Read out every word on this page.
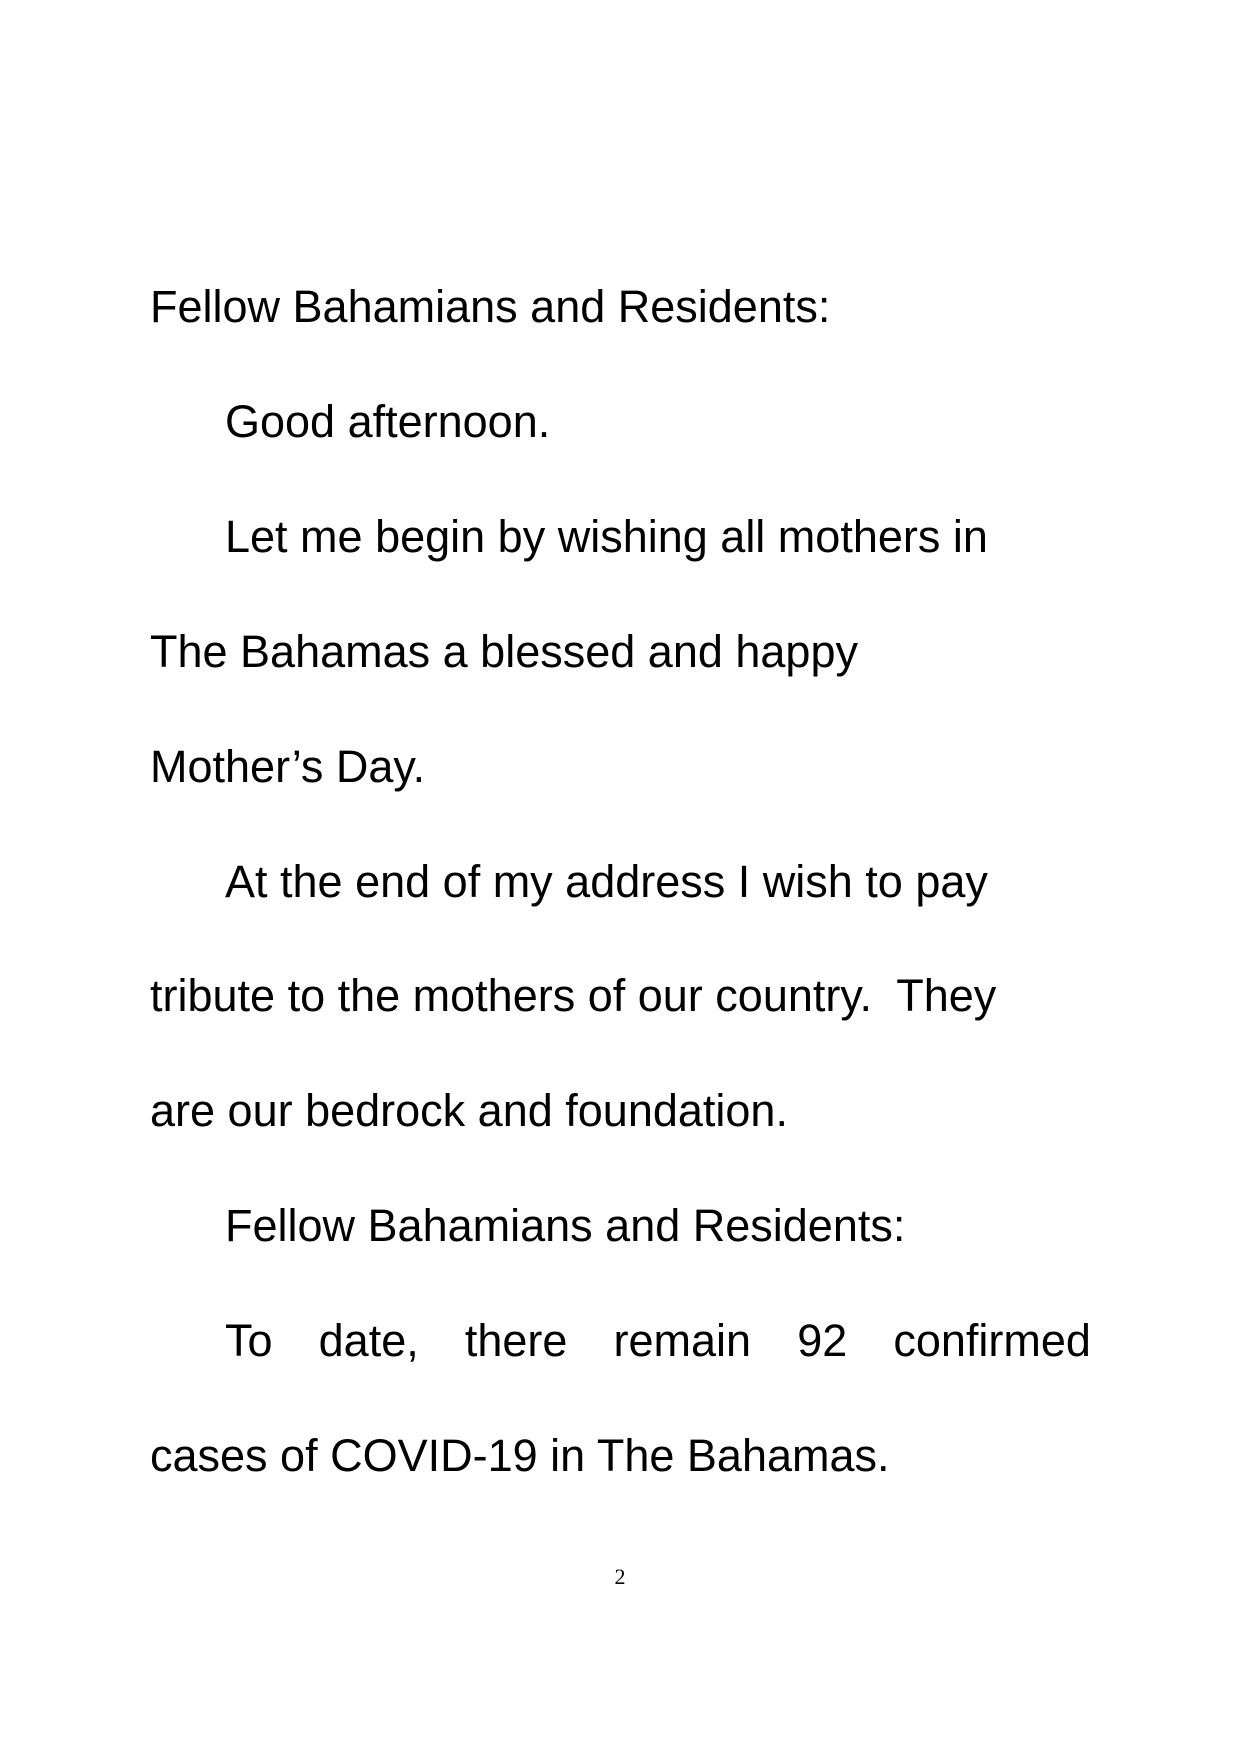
Fellow Bahamians and Residents:
Good afternoon.
Let me begin by wishing all mothers in
The Bahamas a blessed and happy
Mother’s Day.
At the end of my address I wish to pay
tribute to the mothers of our country.  They
are our bedrock and foundation.
Fellow Bahamians and Residents:
To date, there remain 92 confirmed
cases of COVID-19 in The Bahamas.
2
